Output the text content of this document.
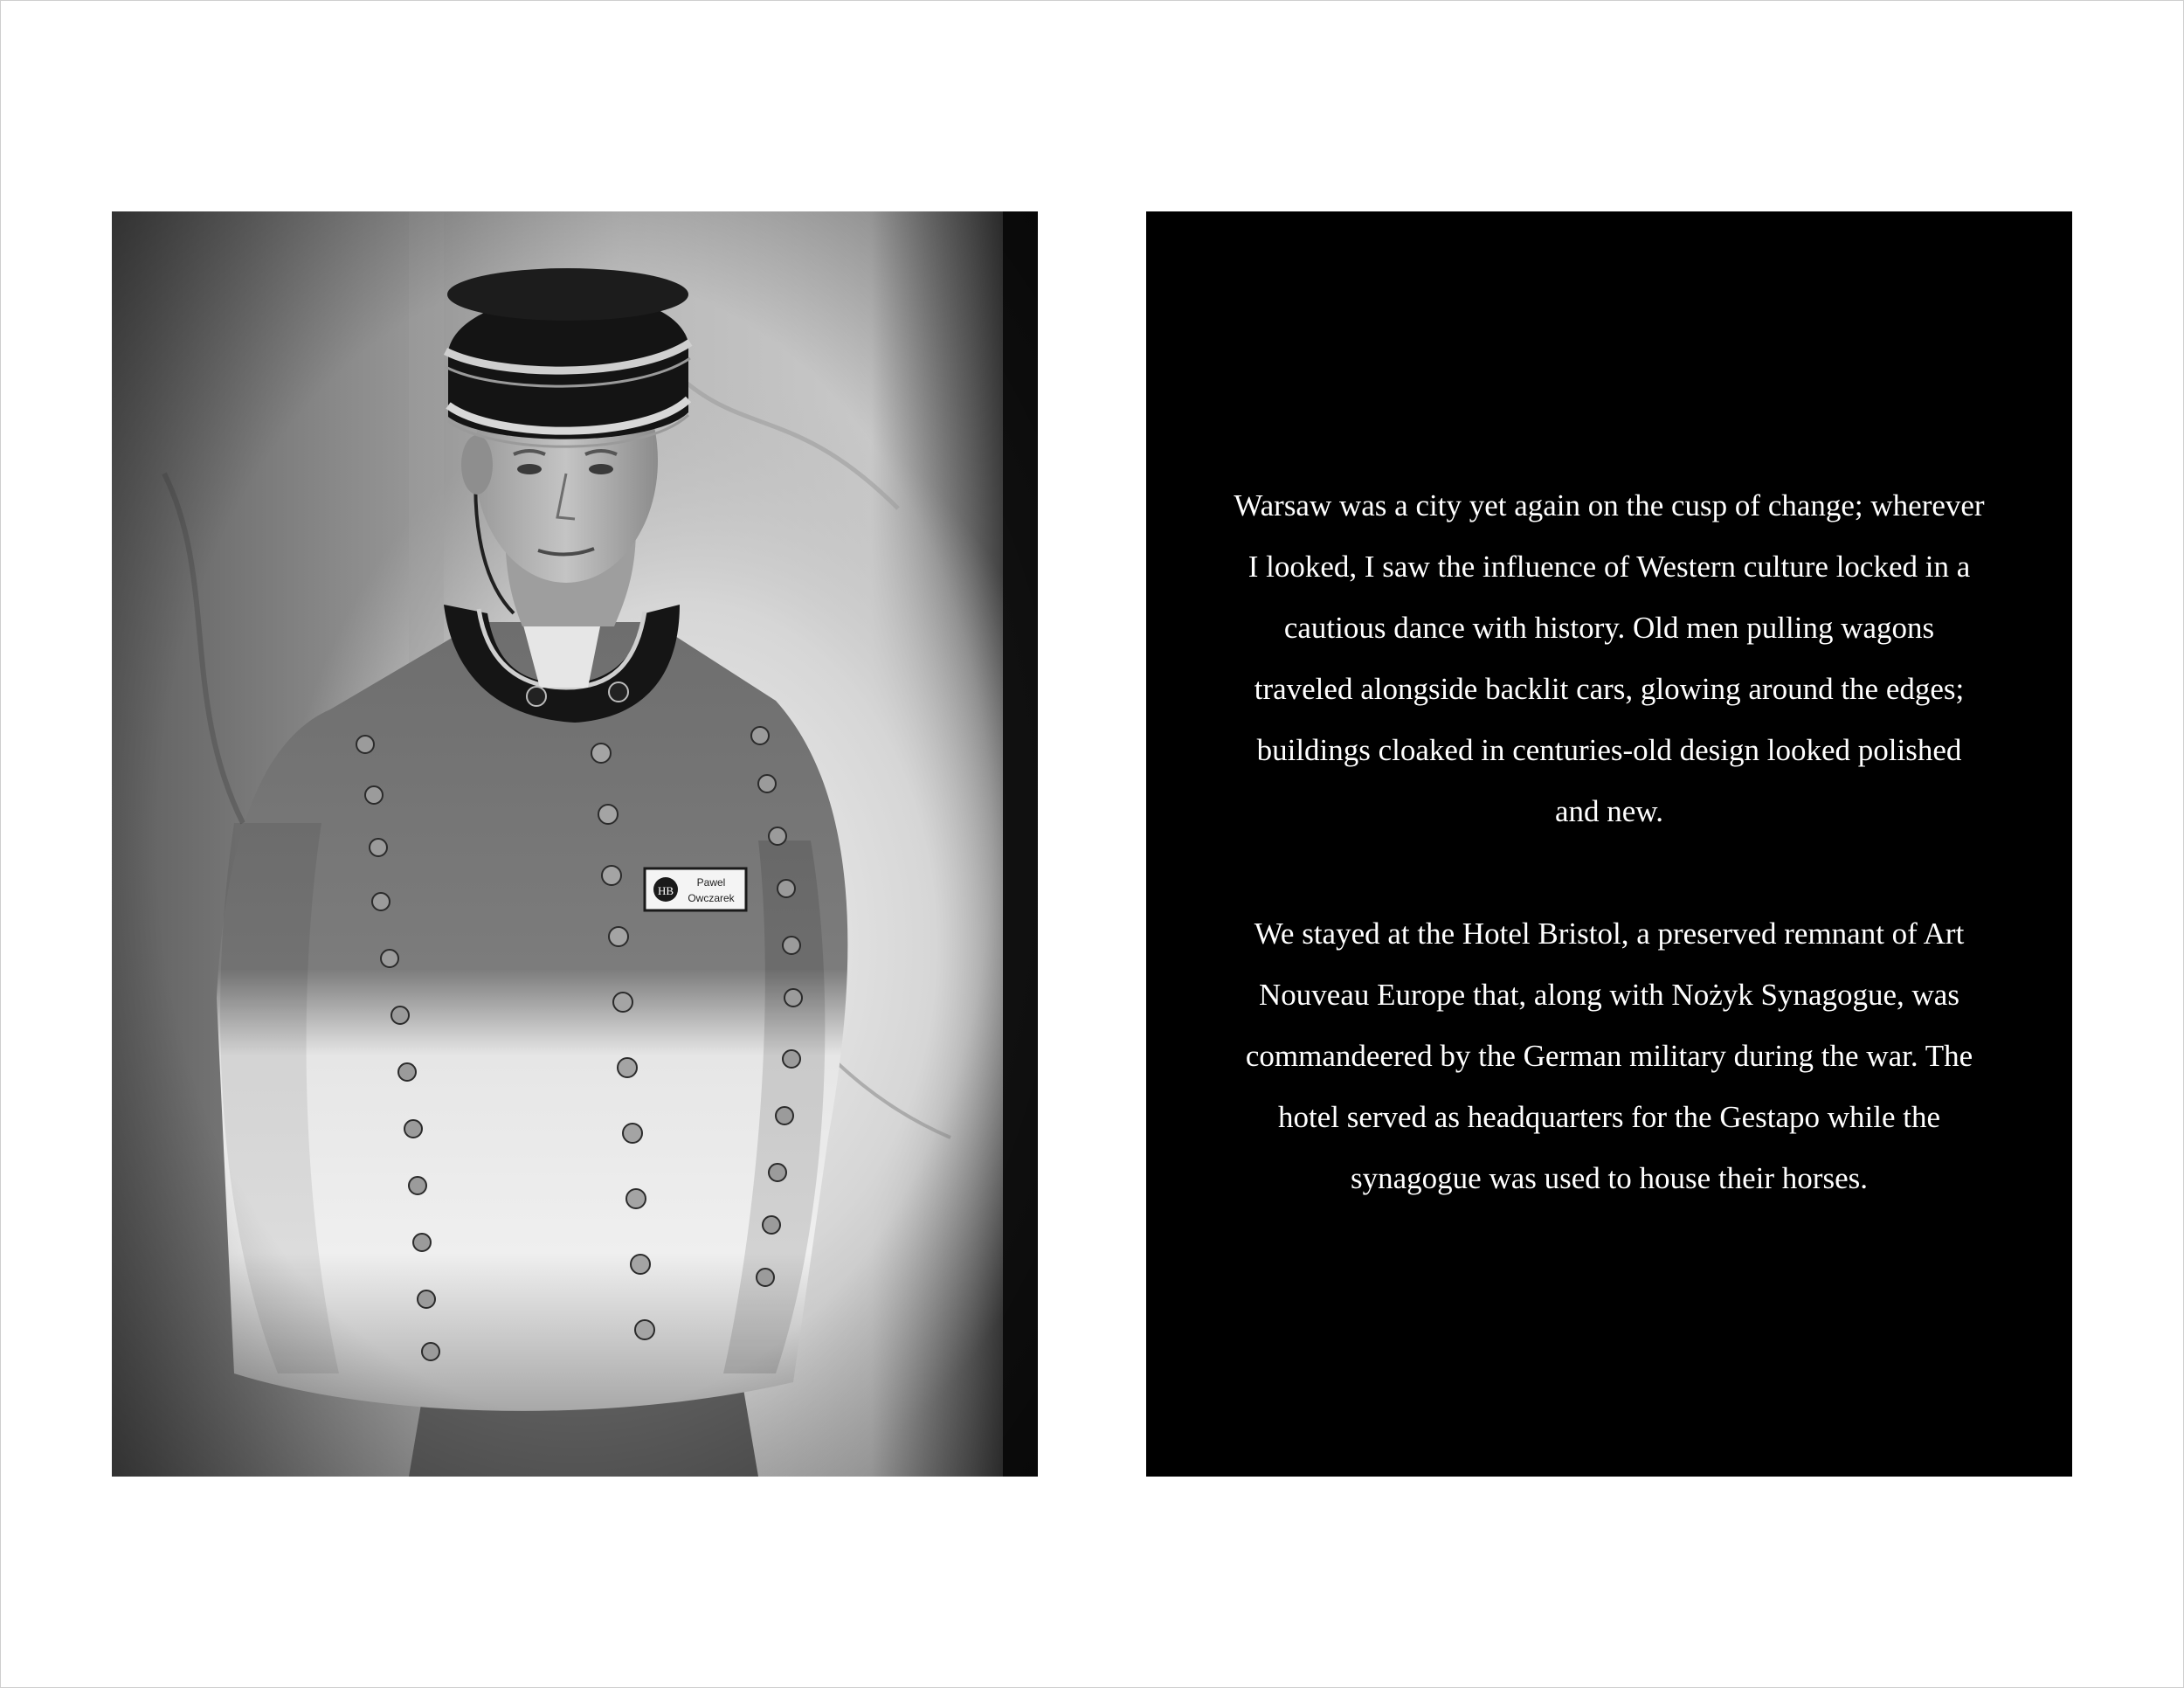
Warsaw was a city yet again on the cusp of change; wherever I looked, I saw the influence of Western culture locked in a cautious dance with history. Old men pulling wagons traveled alongside backlit cars, glowing around the edges; buildings cloaked in centuries-old design looked polished and new.

We stayed at the Hotel Bristol, a preserved remnant of Art Nouveau Europe that, along with Nożyk Synagogue, was commandeered by the German military during the war. The hotel served as headquarters for the Gestapo while the synagogue was used to house their horses.
